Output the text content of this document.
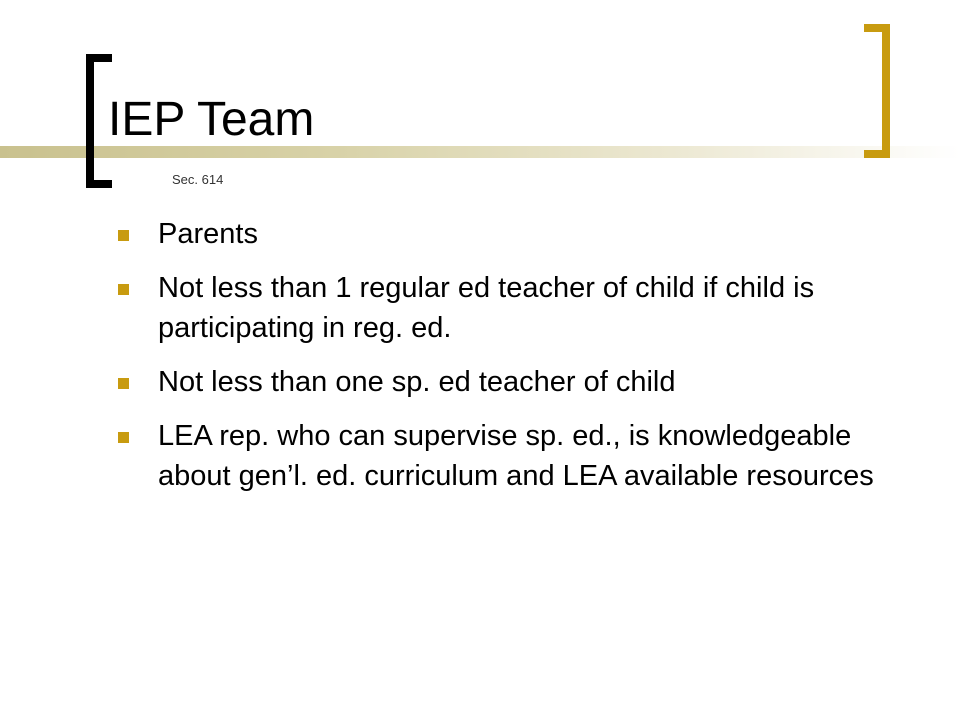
IEP Team
Sec. 614
Parents
Not less than 1 regular ed teacher of child if child is participating in reg. ed.
Not less than one sp. ed teacher of child
LEA rep. who can supervise sp. ed., is knowledgeable about gen’l. ed. curriculum and LEA available resources
